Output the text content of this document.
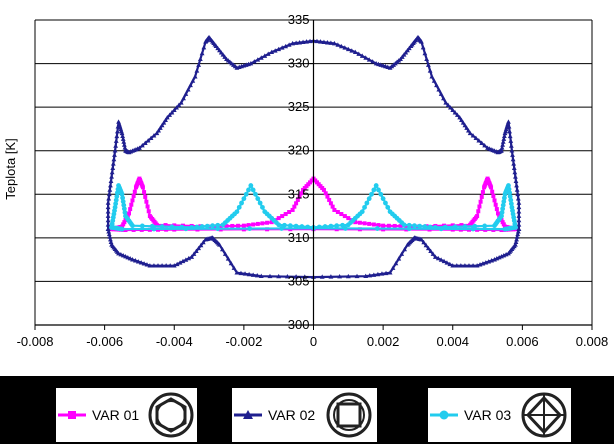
300
305
310
315
320
325
330
335
-0.008	-0.006	-0.004	-0.002	0	0.002	0.004	0.006	0.008
Teplota [K]
VAR 01	VAR 02	VAR 03
